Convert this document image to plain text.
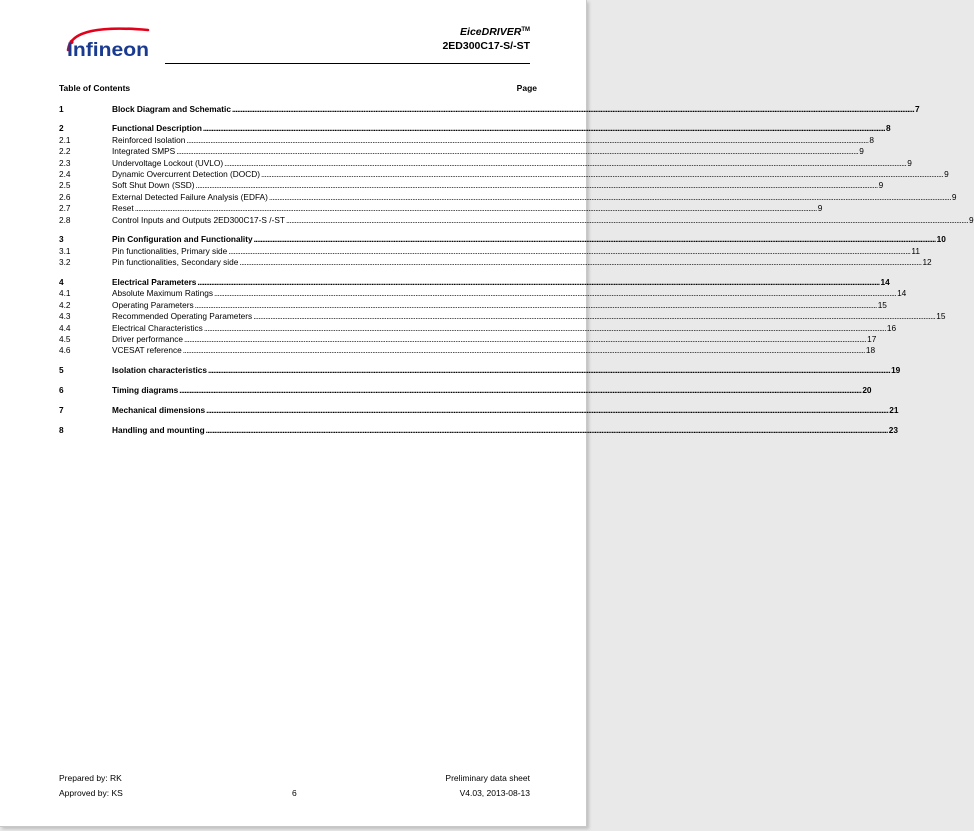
Infineon
EiceDRIVER™
2ED300C17-S/-ST
Table of Contents	Page
1	Block Diagram and Schematic ................................................................................................................................................................................................................................................................................................................................................................................................................ 7
2	Functional Description ................................................................................................................................................................................................................................................................................................................................................................................................................ 8
2.1	Reinforced Isolation ................................................................................................................................................................................................................................................................................................................................................................................................................ 8
2.2	Integrated SMPS ................................................................................................................................................................................................................................................................................................................................................................................................................ 9
2.3	Undervoltage Lockout (UVLO) ................................................................................................................................................................................................................................................................................................................................................................................................................ 9
2.4	Dynamic Overcurrent Detection (DOCD) ................................................................................................................................................................................................................................................................................................................................................................................................................ 9
2.5	Soft Shut Down (SSD) ................................................................................................................................................................................................................................................................................................................................................................................................................ 9
2.6	External Detected Failure Analysis (EDFA) ................................................................................................................................................................................................................................................................................................................................................................................................................ 9
2.7	Reset ................................................................................................................................................................................................................................................................................................................................................................................................................ 9
2.8	Control Inputs and Outputs 2ED300C17-S /-ST ................................................................................................................................................................................................................................................................................................................................................................................................................ 9
3	Pin Configuration and Functionality ................................................................................................................................................................................................................................................................................................................................................................................................................ 10
3.1	Pin functionalities, Primary side ................................................................................................................................................................................................................................................................................................................................................................................................................ 11
3.2	Pin functionalities, Secondary side ................................................................................................................................................................................................................................................................................................................................................................................................................ 12
4	Electrical Parameters ................................................................................................................................................................................................................................................................................................................................................................................................................ 14
4.1	Absolute Maximum Ratings ................................................................................................................................................................................................................................................................................................................................................................................................................ 14
4.2	Operating Parameters ................................................................................................................................................................................................................................................................................................................................................................................................................ 15
4.3	Recommended Operating Parameters ................................................................................................................................................................................................................................................................................................................................................................................................................ 15
4.4	Electrical Characteristics ................................................................................................................................................................................................................................................................................................................................................................................................................ 16
4.5	Driver performance ................................................................................................................................................................................................................................................................................................................................................................................................................ 17
4.6	VCESAT reference ................................................................................................................................................................................................................................................................................................................................................................................................................ 18
5	Isolation characteristics ................................................................................................................................................................................................................................................................................................................................................................................................................ 19
6	Timing diagrams ................................................................................................................................................................................................................................................................................................................................................................................................................ 20
7	Mechanical dimensions ................................................................................................................................................................................................................................................................................................................................................................................................................ 21
8	Handling and mounting ................................................................................................................................................................................................................................................................................................................................................................................................................ 23
Prepared by: RK	Preliminary data sheet
Approved by: KS	6	V4.03, 2013-08-13
